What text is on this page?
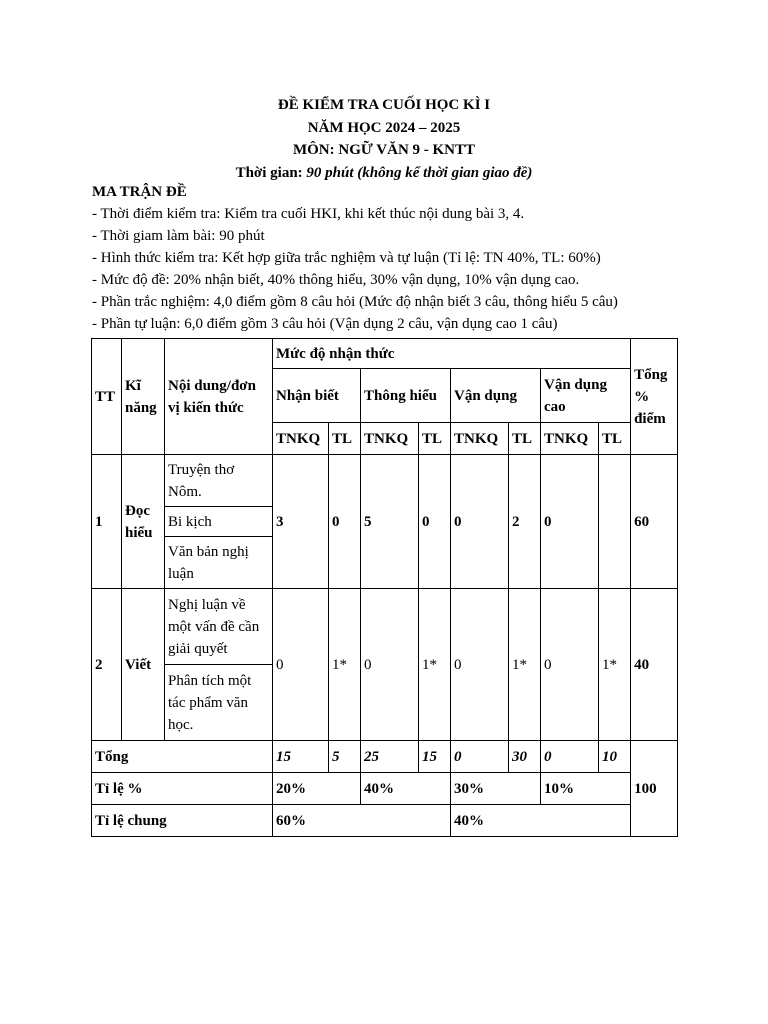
ĐỀ KIỂM TRA CUỐI HỌC KÌ I
NĂM HỌC 2024 – 2025
MÔN: NGỮ VĂN 9 - KNTT
Thời gian: 90 phút (không kể thời gian giao đề)
MA TRẬN ĐỀ
- Thời điểm kiểm tra: Kiểm tra cuối HKI, khi kết thúc nội dung bài 3, 4.
- Thời giam làm bài: 90 phút
- Hình thức kiểm tra: Kết hợp giữa trắc nghiệm và tự luận (Tỉ lệ: TN 40%, TL: 60%)
- Mức độ đề: 20% nhận biết, 40% thông hiểu, 30% vận dụng, 10% vận dụng cao.
- Phần trắc nghiệm: 4,0 điểm gồm 8 câu hỏi (Mức độ nhận biết 3 câu, thông hiểu 5 câu)
- Phần tự luận: 6,0 điểm gồm 3 câu hỏi (Vận dụng 2 câu, vận dụng cao 1 câu)
TT	Kĩ năng	Nội dung/đơn vị kiến thức	Mức độ nhận thức								Tổng % điểm
			Nhận biết		Thông hiểu		Vận dụng		Vận dụng cao		
			TNKQ	TL	TNKQ	TL	TNKQ	TL	TNKQ	TL	
1	Đọc hiểu	Truyện thơ Nôm.	3	0	5	0	0	2	0		60
		Bi kịch									
		Văn bản nghị luận									
2	Viết	Nghị luận về một vấn đề cần giải quyết	0	1*	0	1*	0	1*	0	1*	40
		Phân tích một tác phẩm văn học.									
Tổng			15	5	25	15	0	30	0	10	100
Tỉ lệ %			20%		40%		30%		10%		
Tỉ lệ chung			60%				40%				
